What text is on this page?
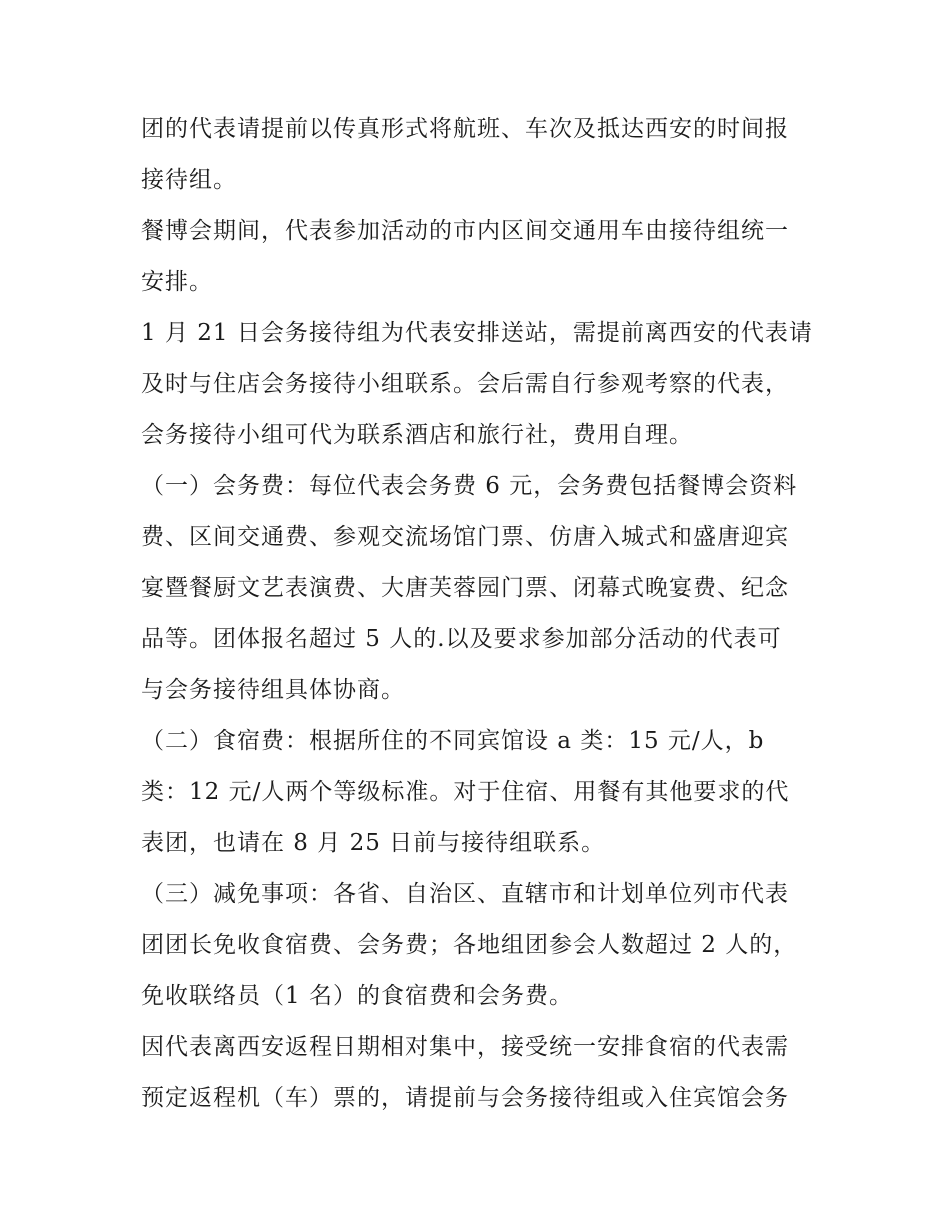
团的代表请提前以传真形式将航班、车次及抵达西安的时间报
接待组。
餐博会期间，代表参加活动的市内区间交通用车由接待组统一
安排。
1 月 21 日会务接待组为代表安排送站，需提前离西安的代表请
及时与住店会务接待小组联系。会后需自行参观考察的代表，
会务接待小组可代为联系酒店和旅行社，费用自理。
（一）会务费：每位代表会务费 6 元，会务费包括餐博会资料
费、区间交通费、参观交流场馆门票、仿唐入城式和盛唐迎宾
宴暨餐厨文艺表演费、大唐芙蓉园门票、闭幕式晚宴费、纪念
品等。团体报名超过 5 人的.以及要求参加部分活动的代表可
与会务接待组具体协商。
（二）食宿费：根据所住的不同宾馆设 a 类：15 元/人，b
类：12 元/人两个等级标准。对于住宿、用餐有其他要求的代
表团，也请在 8 月 25 日前与接待组联系。
（三）减免事项：各省、自治区、直辖市和计划单位列市代表
团团长免收食宿费、会务费；各地组团参会人数超过 2 人的，
免收联络员（1 名）的食宿费和会务费。
因代表离西安返程日期相对集中，接受统一安排食宿的代表需
预定返程机（车）票的，请提前与会务接待组或入住宾馆会务
